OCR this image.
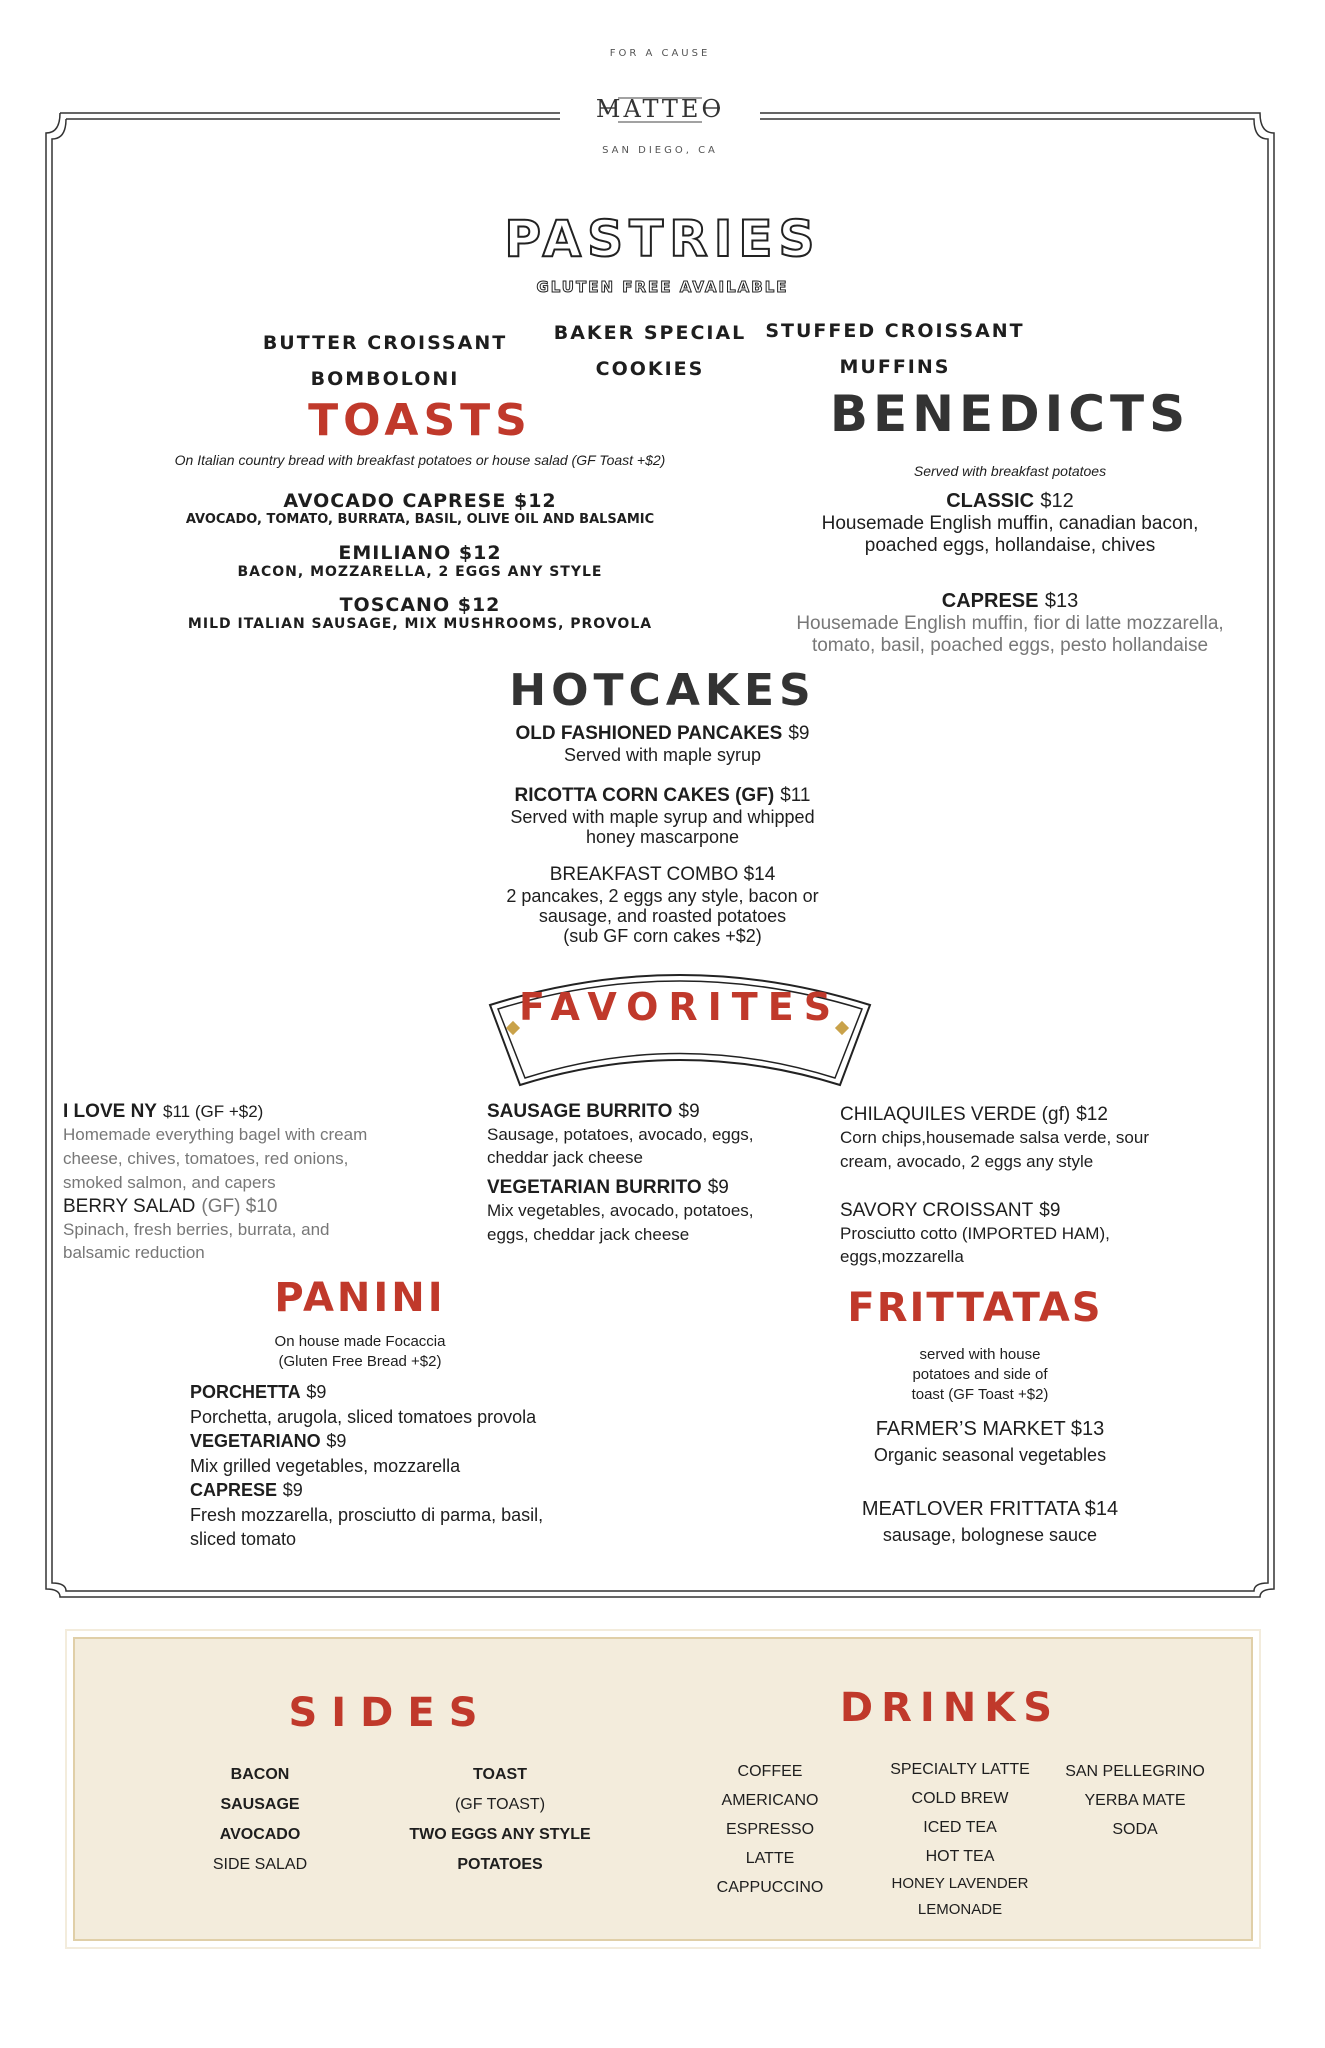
FOR A CAUSE
MATTEO
SAN DIEGO, CA
PASTRIES
GLUTEN FREE AVAILABLE
BUTTER CROISSANT
BOMBOLONI
BAKER SPECIAL
COOKIES
STUFFED CROISSANT
MUFFINS
TOASTS
On Italian country bread with breakfast potatoes or house salad (GF Toast +$2)
AVOCADO CAPRESE $12
AVOCADO, TOMATO, BURRATA, BASIL, OLIVE OIL AND BALSAMIC
EMILIANO $12
BACON, MOZZARELLA, 2 EGGS ANY STYLE
TOSCANO $12
MILD ITALIAN SAUSAGE, MIX MUSHROOMS, PROVOLA
BENEDICTS
Served with breakfast potatoes
CLASSIC $12
Housemade English muffin, canadian bacon,
poached eggs, hollandaise, chives
CAPRESE $13
Housemade English muffin, fior di latte mozzarella,
tomato, basil, poached eggs, pesto hollandaise
HOTCAKES
OLD FASHIONED PANCAKES $9
Served with maple syrup
RICOTTA CORN CAKES (GF) $11
Served with maple syrup and whipped
honey mascarpone
BREAKFAST COMBO $14
2 pancakes, 2 eggs any style, bacon or
sausage, and roasted potatoes
(sub GF corn cakes +$2)
FAVORITES
I LOVE NY $11 (GF +$2)
Homemade everything bagel with cream
cheese, chives, tomatoes, red onions,
smoked salmon, and capers
BERRY SALAD (GF) $10
Spinach, fresh berries, burrata, and
balsamic reduction
SAUSAGE BURRITO $9
Sausage, potatoes, avocado, eggs,
cheddar jack cheese
VEGETARIAN BURRITO $9
Mix vegetables, avocado, potatoes,
eggs, cheddar jack cheese
CHILAQUILES VERDE (gf) $12
Corn chips,housemade salsa verde, sour
cream, avocado, 2 eggs any style
SAVORY CROISSANT $9
Prosciutto cotto (IMPORTED HAM),
eggs,mozzarella
PANINI
On house made Focaccia
(Gluten Free Bread +$2)
PORCHETTA $9
Porchetta, arugola, sliced tomatoes provola
VEGETARIANO $9
Mix grilled vegetables, mozzarella
CAPRESE $9
Fresh mozzarella, prosciutto di parma, basil,
sliced tomato
FRITTATAS
served with house
potatoes and side of
toast (GF Toast +$2)
FARMER’S MARKET $13
Organic seasonal vegetables
MEATLOVER FRITTATA $14
sausage, bolognese sauce
SIDES
BACON
SAUSAGE
AVOCADO
SIDE SALAD
TOAST
(GF TOAST)
TWO EGGS ANY STYLE
POTATOES
DRINKS
COFFEE
AMERICANO
ESPRESSO
LATTE
CAPPUCCINO
SPECIALTY LATTE
COLD BREW
ICED TEA
HOT TEA
HONEY LAVENDER
LEMONADE
SAN PELLEGRINO
YERBA MATE
SODA
